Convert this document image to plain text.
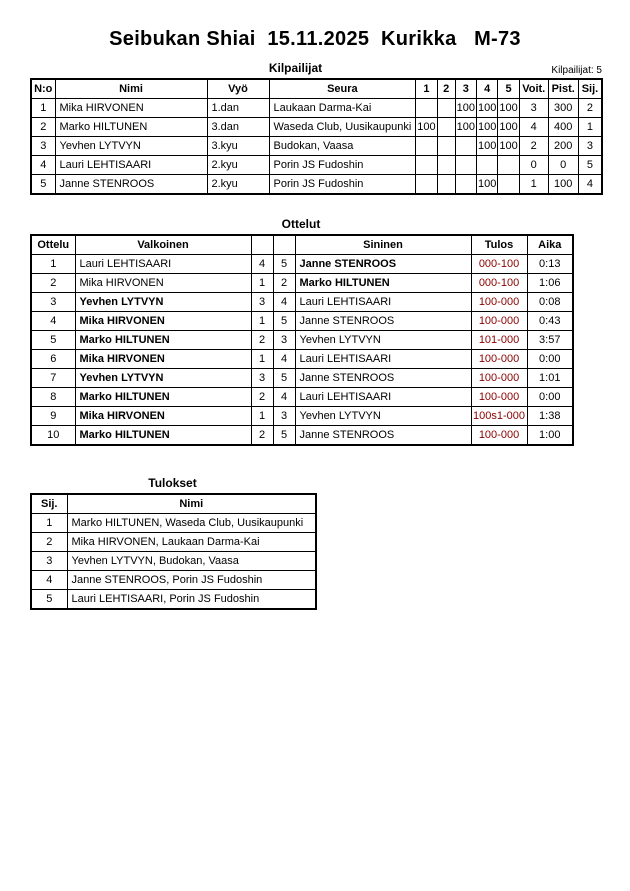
Seibukan Shiai  15.11.2025  Kurikka   M-73
Kilpailijat: 5
Kilpailijat
N:o	Nimi	Vyö	Seura	1	2	3	4	5	Voit.	Pist.	Sij.
1	Mika HIRVONEN	1.dan	Laukaan Darma-Kai			100	100	100	3	300	2
2	Marko HILTUNEN	3.dan	Waseda Club, Uusikaupunki	100		100	100	100	4	400	1
3	Yevhen LYTVYN	3.kyu	Budokan, Vaasa				100	100	2	200	3
4	Lauri LEHTISAARI	2.kyu	Porin JS Fudoshin						0	0	5
5	Janne STENROOS	2.kyu	Porin JS Fudoshin				100		1	100	4
Ottelut
Ottelu	Valkoinen			Sininen	Tulos	Aika
1	Lauri LEHTISAARI	4	5	Janne STENROOS	000-100	0:13
2	Mika HIRVONEN	1	2	Marko HILTUNEN	000-100	1:06
3	Yevhen LYTVYN	3	4	Lauri LEHTISAARI	100-000	0:08
4	Mika HIRVONEN	1	5	Janne STENROOS	100-000	0:43
5	Marko HILTUNEN	2	3	Yevhen LYTVYN	101-000	3:57
6	Mika HIRVONEN	1	4	Lauri LEHTISAARI	100-000	0:00
7	Yevhen LYTVYN	3	5	Janne STENROOS	100-000	1:01
8	Marko HILTUNEN	2	4	Lauri LEHTISAARI	100-000	0:00
9	Mika HIRVONEN	1	3	Yevhen LYTVYN	100s1-000	1:38
10	Marko HILTUNEN	2	5	Janne STENROOS	100-000	1:00
Tulokset
Sij.	Nimi
1	Marko HILTUNEN, Waseda Club, Uusikaupunki
2	Mika HIRVONEN, Laukaan Darma-Kai
3	Yevhen LYTVYN, Budokan, Vaasa
4	Janne STENROOS, Porin JS Fudoshin
5	Lauri LEHTISAARI, Porin JS Fudoshin
